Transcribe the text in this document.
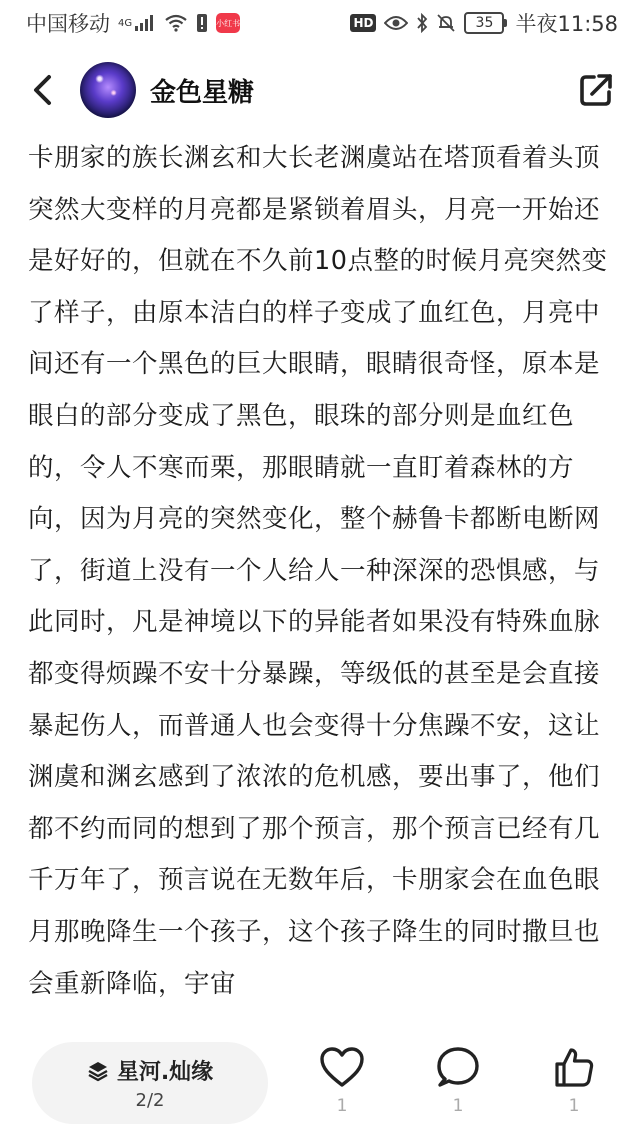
中国移动 4G	小红书	HD	35	半夜11:58
金色星糖

卡朋家的族长渊玄和大长老渊虞站在塔顶看着头顶突然大变样的月亮都是紧锁着眉头，月亮一开始还是好好的，但就在不久前10点整的时候月亮突然变了样子，由原本洁白的样子变成了血红色，月亮中间还有一个黑色的巨大眼睛，眼睛很奇怪，原本是眼白的部分变成了黑色，眼珠的部分则是血红色的，令人不寒而栗，那眼睛就一直盯着森林的方向，因为月亮的突然变化，整个赫鲁卡都断电断网了，街道上没有一个人给人一种深深的恐惧感，与此同时，凡是神境以下的异能者如果没有特殊血脉都变得烦躁不安十分暴躁，等级低的甚至是会直接暴起伤人，而普通人也会变得十分焦躁不安，这让渊虞和渊玄感到了浓浓的危机感，要出事了，他们都不约而同的想到了那个预言，那个预言已经有几千万年了，预言说在无数年后，卡朋家会在血色眼月那晚降生一个孩子，这个孩子降生的同时撒旦也会重新降临，宇宙

星河.灿缘
2/2	1	1	1
